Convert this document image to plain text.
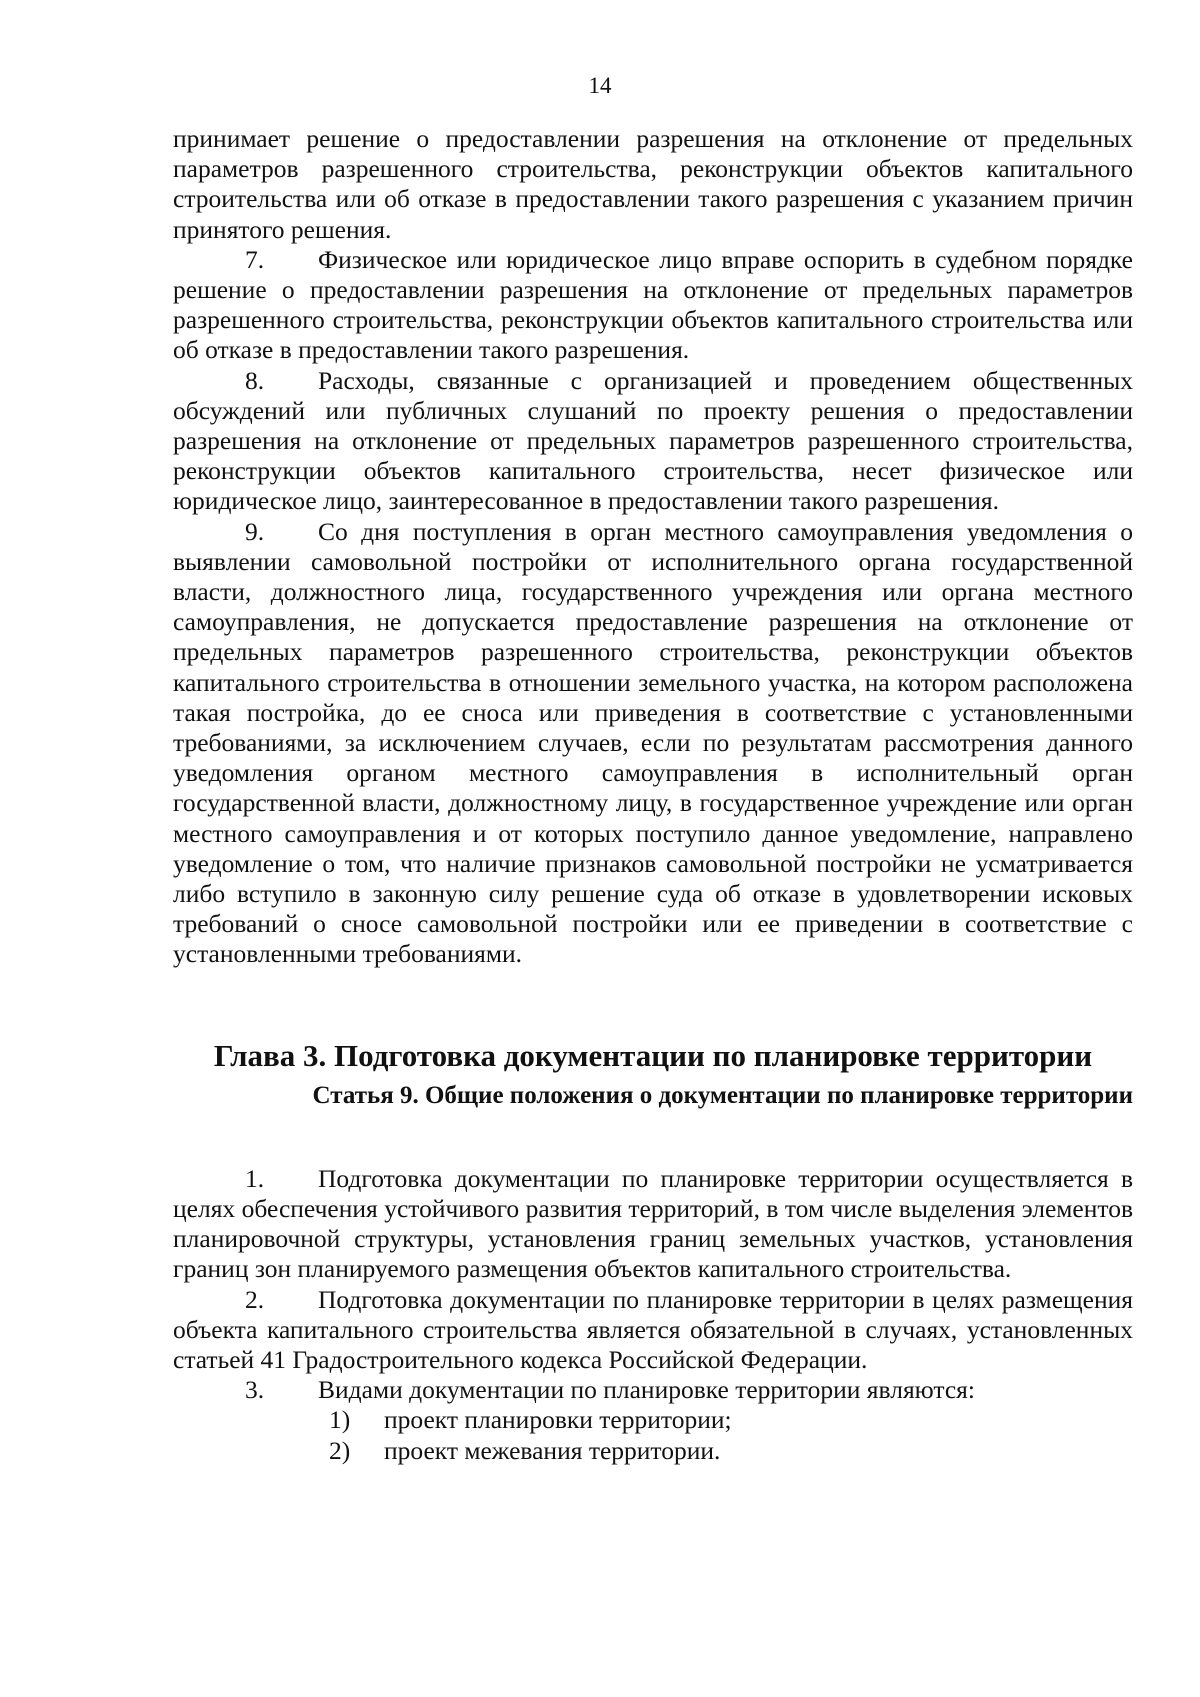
14

принимает решение о предоставлении разрешения на отклонение от предельных параметров разрешенного строительства, реконструкции объектов капитального строительства или об отказе в предоставлении такого разрешения с указанием причин принятого решения.

7. Физическое или юридическое лицо вправе оспорить в судебном порядке решение о предоставлении разрешения на отклонение от предельных параметров разрешенного строительства, реконструкции объектов капитального строительства или об отказе в предоставлении такого разрешения.

8. Расходы, связанные с организацией и проведением общественных обсуждений или публичных слушаний по проекту решения о предоставлении разрешения на отклонение от предельных параметров разрешенного строительства, реконструкции объектов капитального строительства, несет физическое или юридическое лицо, заинтересованное в предоставлении такого разрешения.

9. Со дня поступления в орган местного самоуправления уведомления о выявлении самовольной постройки от исполнительного органа государственной власти, должностного лица, государственного учреждения или органа местного самоуправления, не допускается предоставление разрешения на отклонение от предельных параметров разрешенного строительства, реконструкции объектов капитального строительства в отношении земельного участка, на котором расположена такая постройка, до ее сноса или приведения в соответствие с установленными требованиями, за исключением случаев, если по результатам рассмотрения данного уведомления органом местного самоуправления в исполнительный орган государственной власти, должностному лицу, в государственное учреждение или орган местного самоуправления и от которых поступило данное уведомление, направлено уведомление о том, что наличие признаков самовольной постройки не усматривается либо вступило в законную силу решение суда об отказе в удовлетворении исковых требований о сносе самовольной постройки или ее приведении в соответствие с установленными требованиями.

Глава 3. Подготовка документации по планировке территории
Статья 9. Общие положения о документации по планировке территории

1. Подготовка документации по планировке территории осуществляется в целях обеспечения устойчивого развития территорий, в том числе выделения элементов планировочной структуры, установления границ земельных участков, установления границ зон планируемого размещения объектов капитального строительства.

2. Подготовка документации по планировке территории в целях размещения объекта капитального строительства является обязательной в случаях, установленных статьей 41 Градостроительного кодекса Российской Федерации.

3. Видами документации по планировке территории являются:

1) проект планировки территории;

2) проект межевания территории.
